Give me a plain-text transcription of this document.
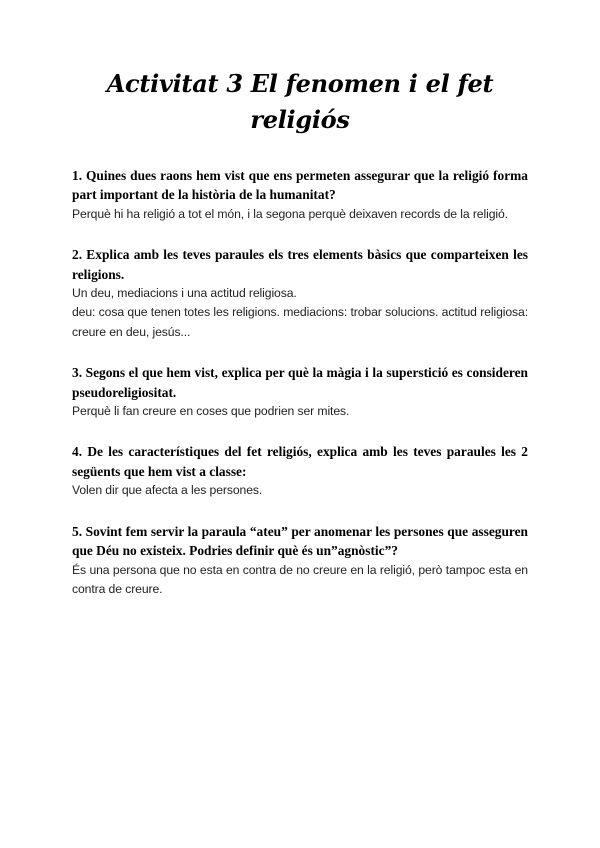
Activitat 3 El fenomen i el fet religiós

1. Quines dues raons hem vist que ens permeten assegurar que la religió forma part important de la història de la humanitat?

Perquè hi ha religió a tot el món, i la segona perquè deixaven records de la religió.

2. Explica amb les teves paraules els tres elements bàsics que comparteixen les religions.

Un deu, mediacions i una actitud religiosa.

deu: cosa que tenen totes les religions. mediacions: trobar solucions. actitud religiosa: creure en deu, jesús...

3. Segons el que hem vist, explica per què la màgia i la superstició es consideren pseudoreligiositat.

Perquè li fan creure en coses que podrien ser mites.

4. De les característiques del fet religiós, explica amb les teves paraules les 2 següents que hem vist a classe:

Volen dir que afecta a les persones.

5. Sovint fem servir la paraula “ateu” per anomenar les persones que asseguren que Déu no existeix. Podries definir què és un”agnòstic”?

És una persona que no esta en contra de no creure en la religió, però tampoc esta en contra de creure.
